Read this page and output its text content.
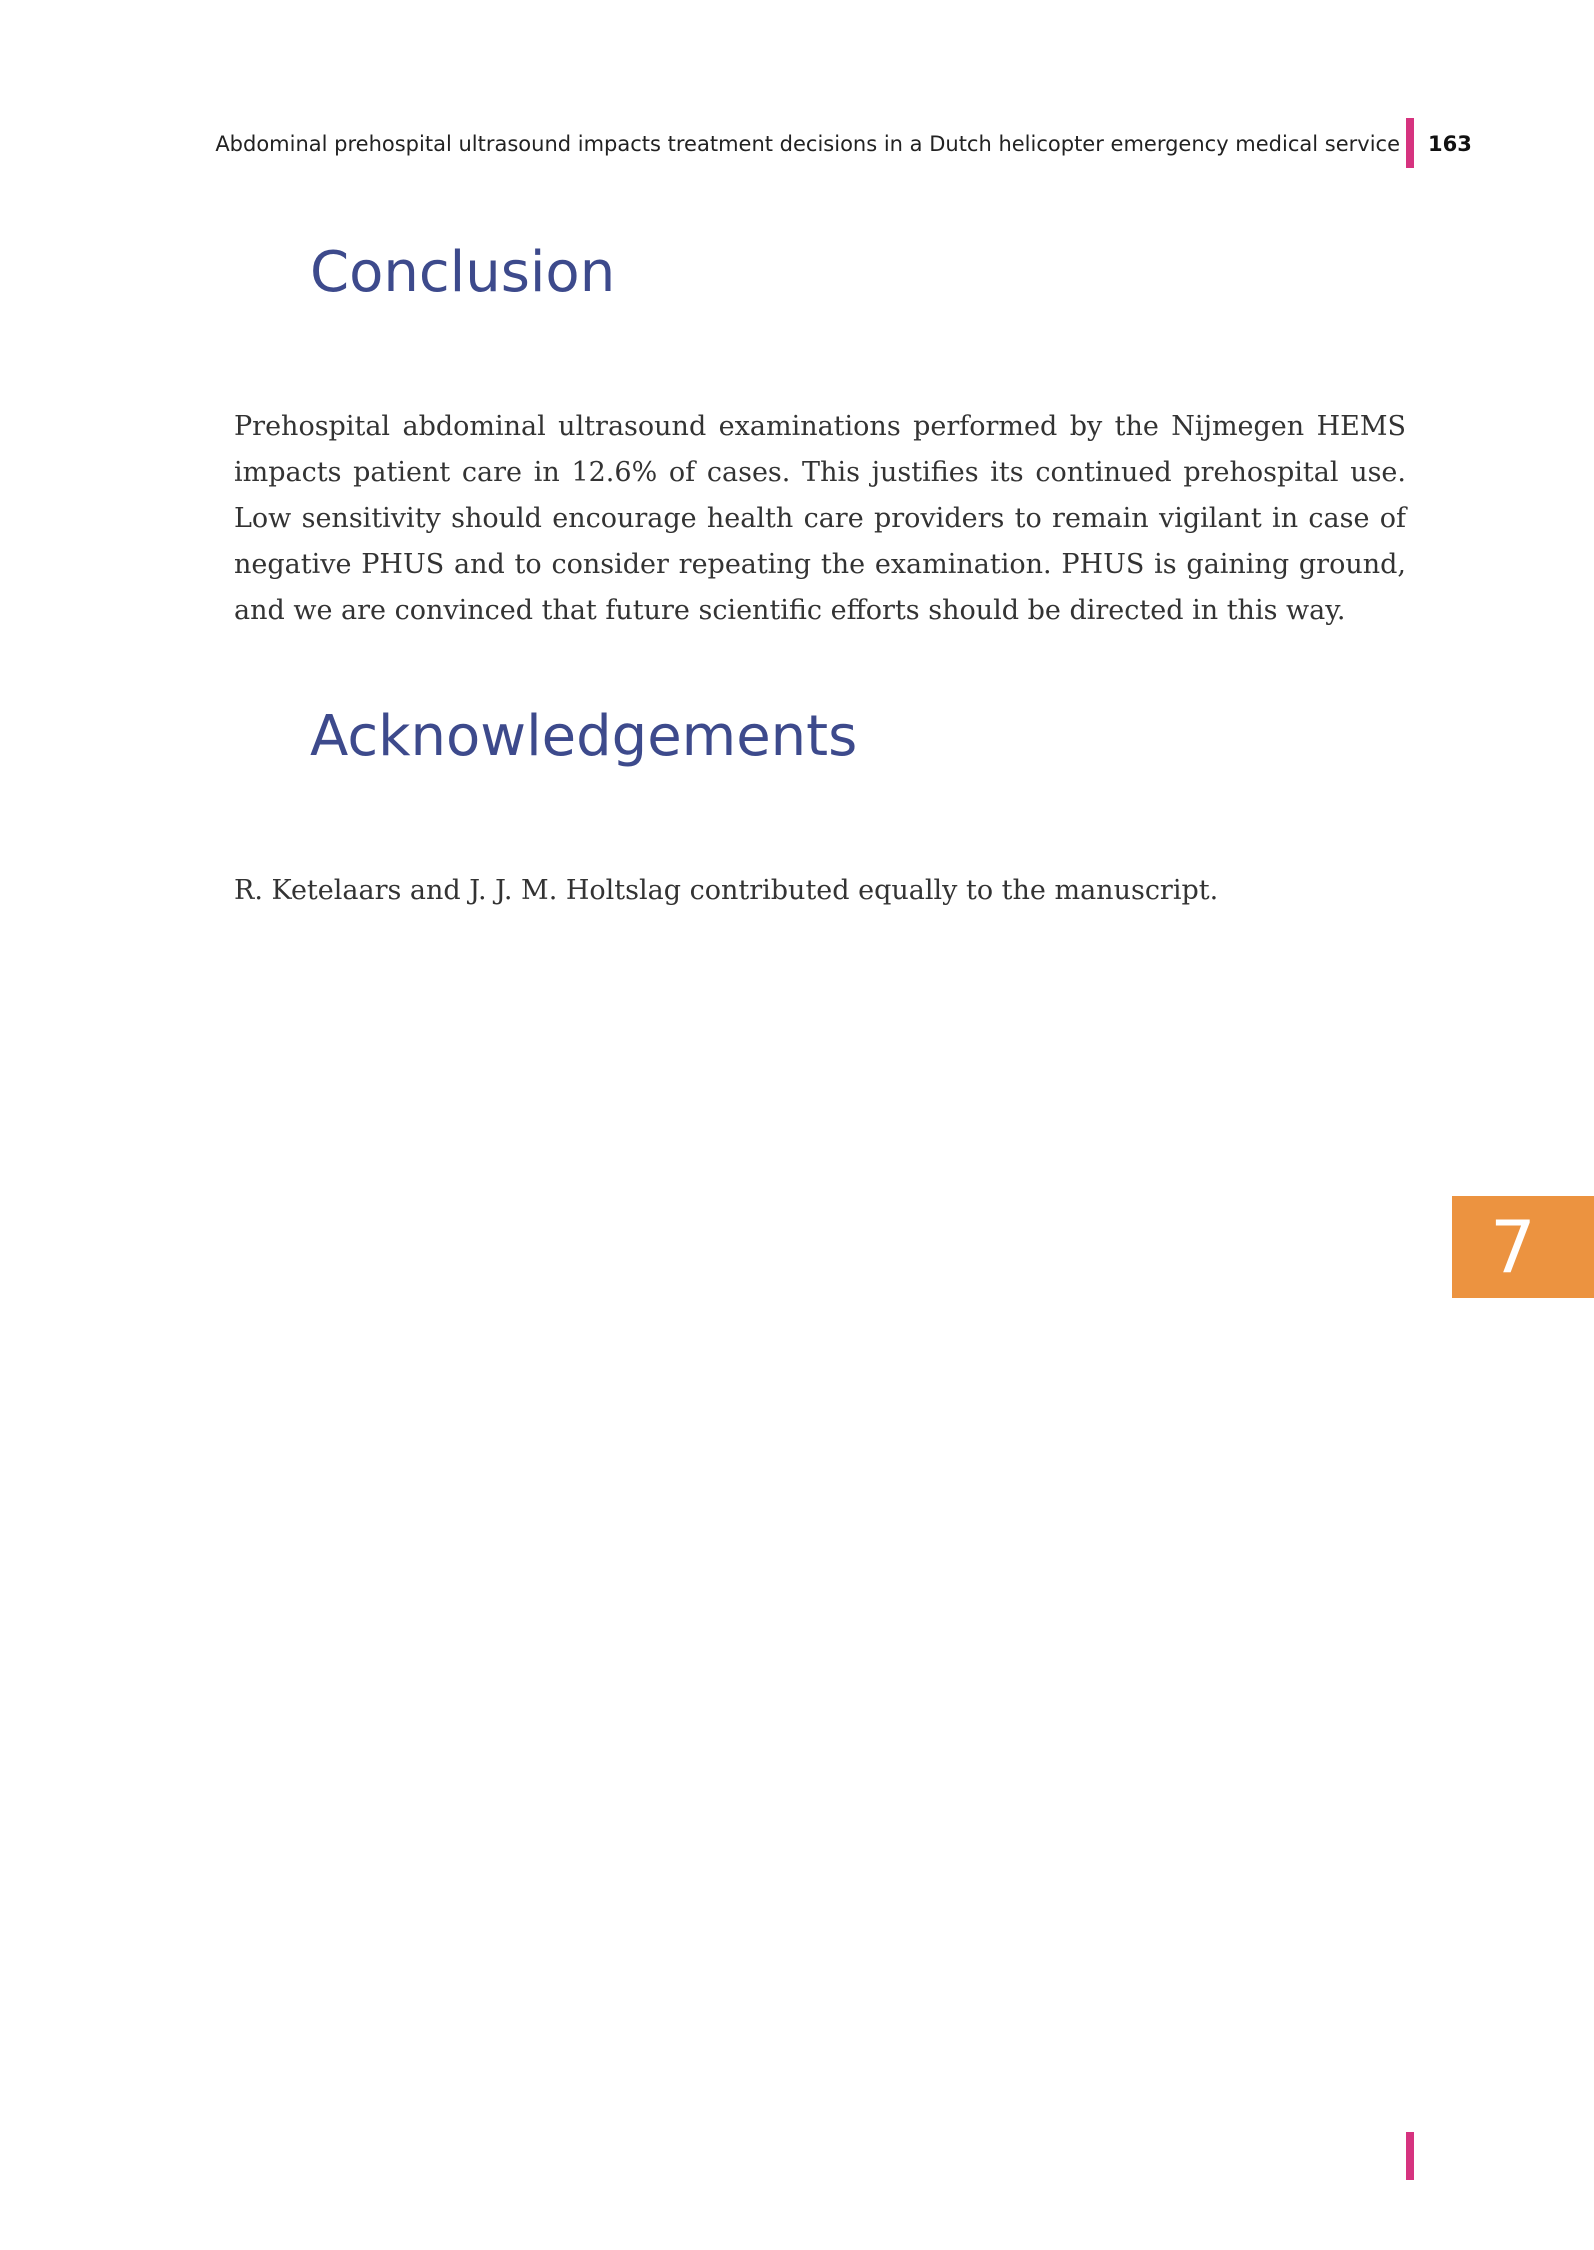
Abdominal prehospital ultrasound impacts treatment decisions in a Dutch helicopter emergency medical service 163
Conclusion

Prehospital abdominal ultrasound examinations performed by the Nijmegen HEMS impacts patient care in 12.6% of cases. This justifies its continued prehospital use. Low sensitivity should encourage health care providers to remain vigilant in case of negative PHUS and to consider repeating the examination. PHUS is gaining ground, and we are convinced that future scientific efforts should be directed in this way.

Acknowledgements

R. Ketelaars and J. J. M. Holtslag contributed equally to the manuscript.

7
